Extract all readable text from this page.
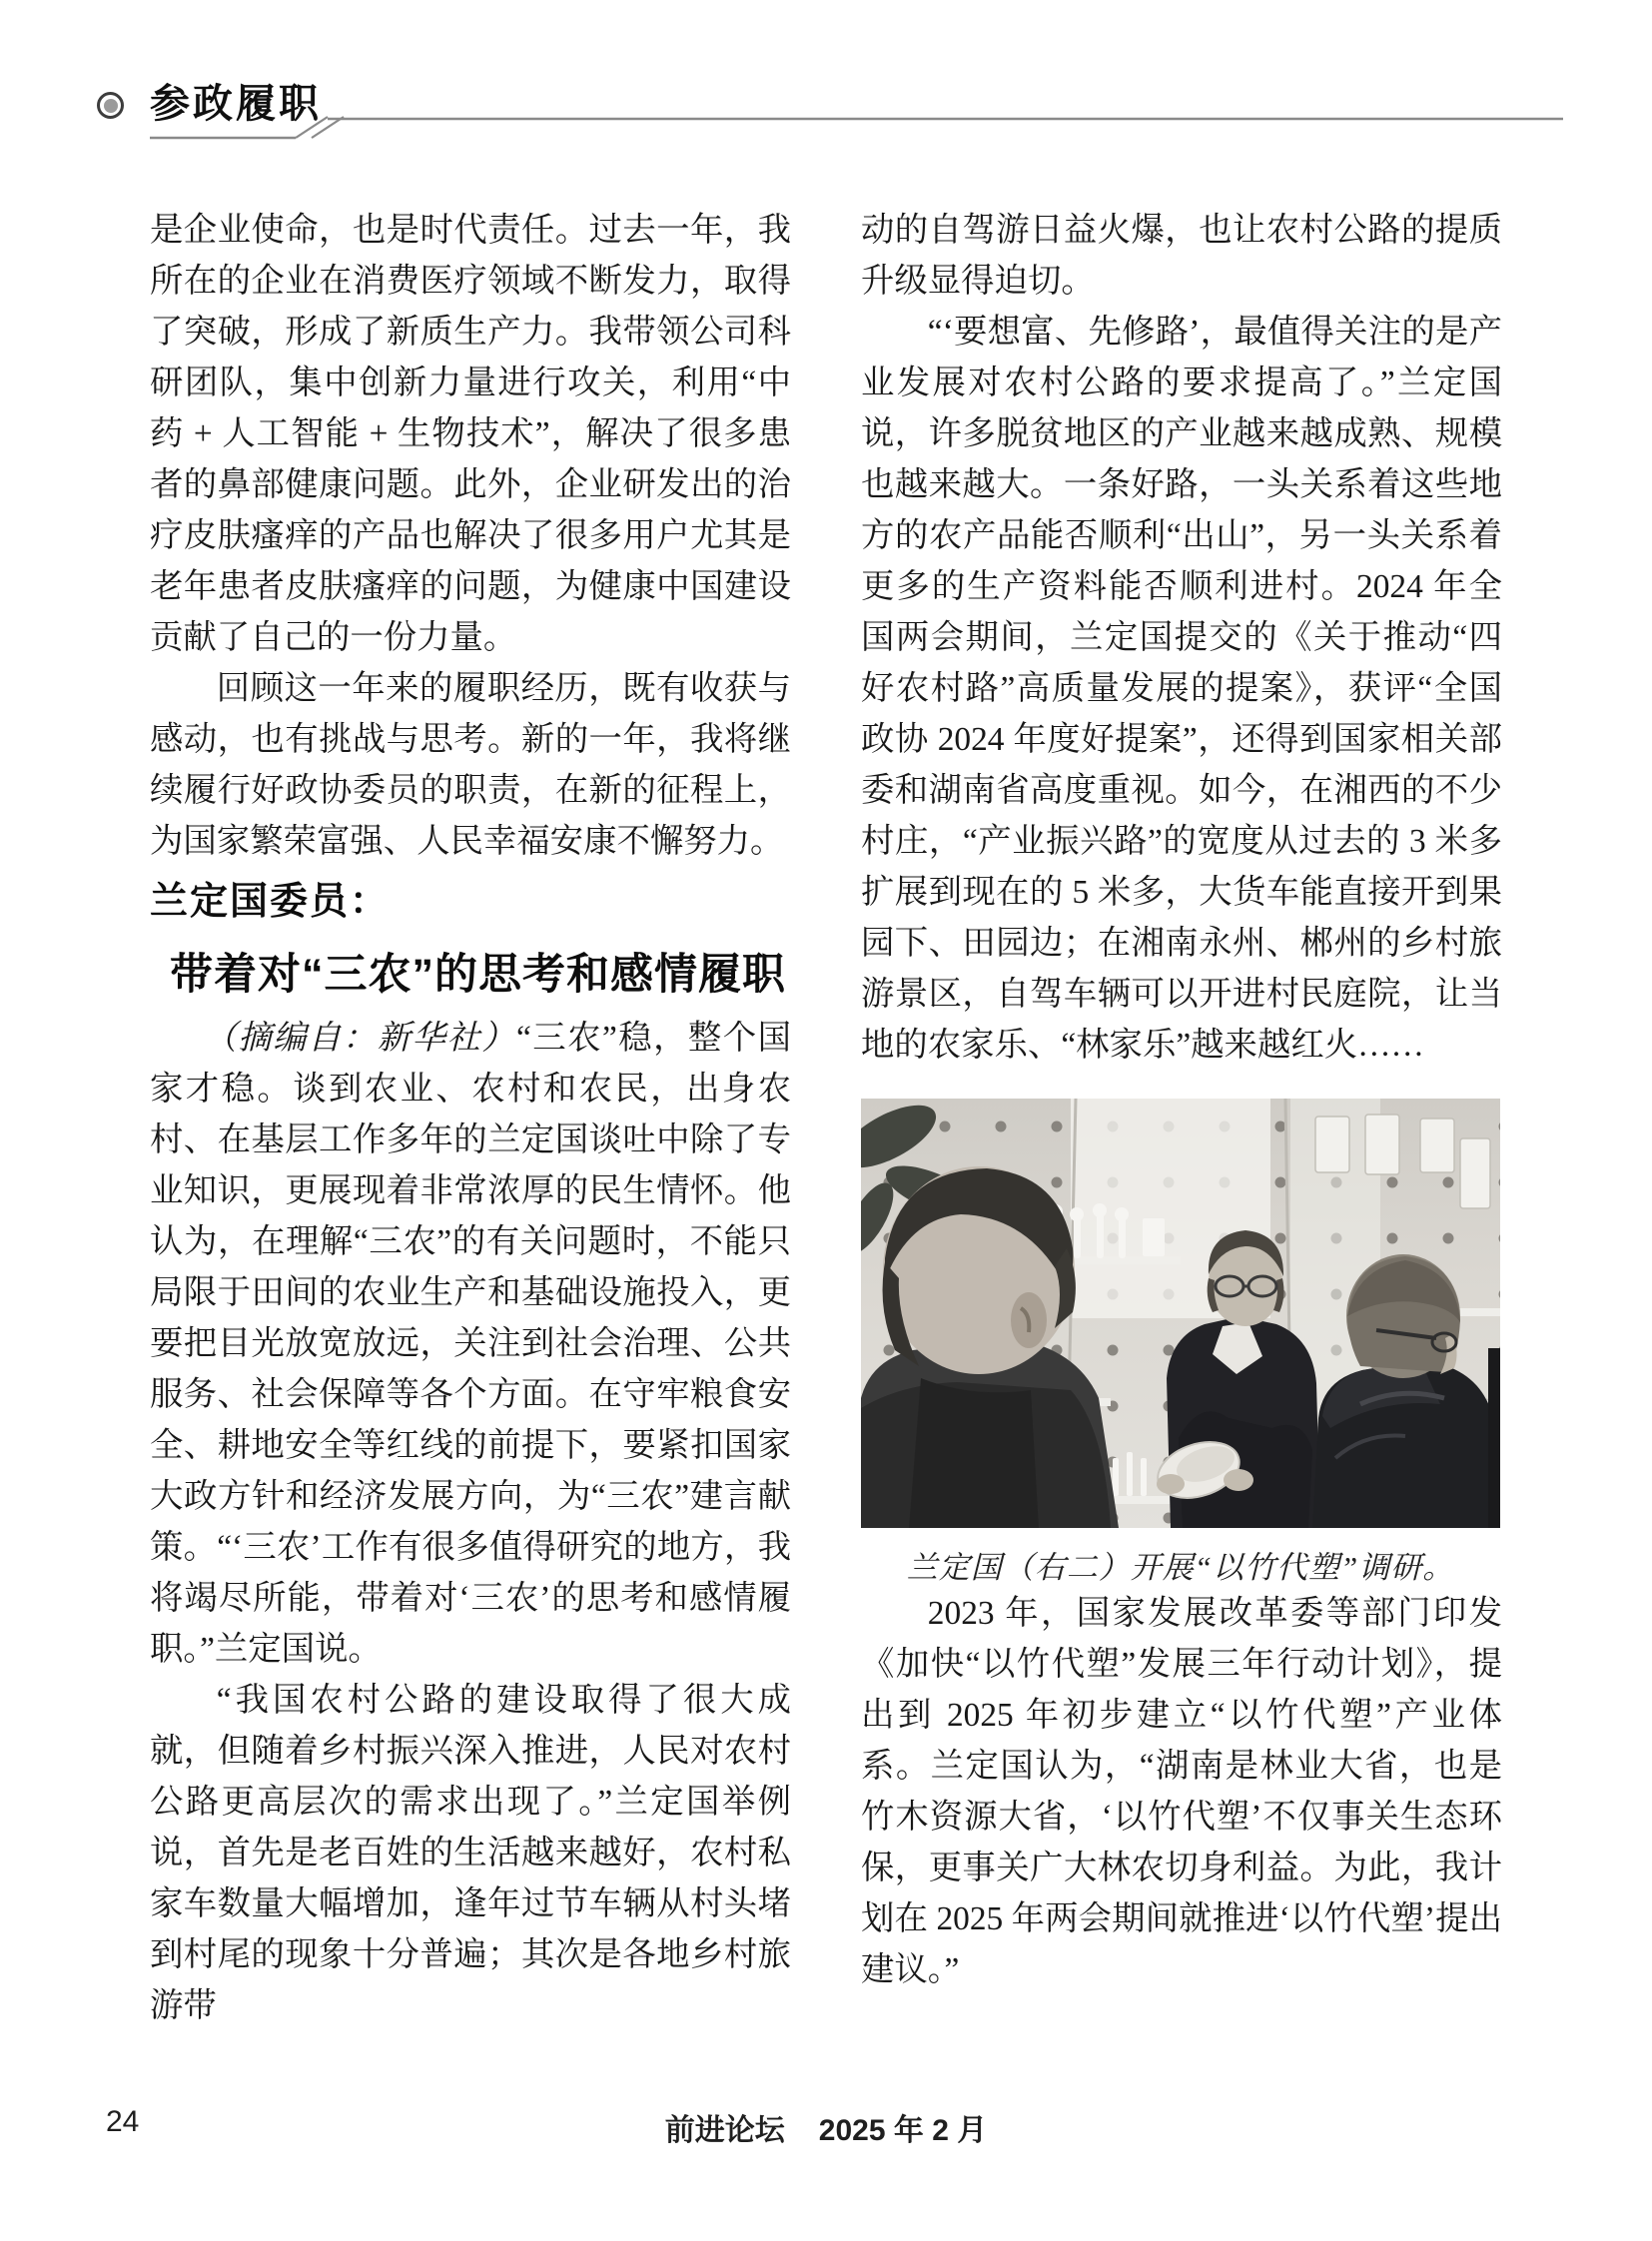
参政履职

是企业使命，也是时代责任。过去一年，我所在的企业在消费医疗领域不断发力，取得了突破，形成了新质生产力。我带领公司科研团队，集中创新力量进行攻关，利用“中药 + 人工智能 + 生物技术”，解决了很多患者的鼻部健康问题。此外，企业研发出的治疗皮肤瘙痒的产品也解决了很多用户尤其是老年患者皮肤瘙痒的问题，为健康中国建设贡献了自己的一份力量。

回顾这一年来的履职经历，既有收获与感动，也有挑战与思考。新的一年，我将继续履行好政协委员的职责，在新的征程上，为国家繁荣富强、人民幸福安康不懈努力。

兰定国委员：

带着对“三农”的思考和感情履职

（摘编自：新华社）“三农”稳，整个国家才稳。谈到农业、农村和农民，出身农村、在基层工作多年的兰定国谈吐中除了专业知识，更展现着非常浓厚的民生情怀。他认为，在理解“三农”的有关问题时，不能只局限于田间的农业生产和基础设施投入，更要把目光放宽放远，关注到社会治理、公共服务、社会保障等各个方面。在守牢粮食安全、耕地安全等红线的前提下，要紧扣国家大政方针和经济发展方向，为“三农”建言献策。“‘三农’工作有很多值得研究的地方，我将竭尽所能，带着对‘三农’的思考和感情履职。”兰定国说。

“我国农村公路的建设取得了很大成就，但随着乡村振兴深入推进，人民对农村公路更高层次的需求出现了。”兰定国举例说，首先是老百姓的生活越来越好，农村私家车数量大幅增加，逢年过节车辆从村头堵到村尾的现象十分普遍；其次是各地乡村旅游带

动的自驾游日益火爆，也让农村公路的提质升级显得迫切。

“‘要想富、先修路’，最值得关注的是产业发展对农村公路的要求提高了。”兰定国说，许多脱贫地区的产业越来越成熟、规模也越来越大。一条好路，一头关系着这些地方的农产品能否顺利“出山”，另一头关系着更多的生产资料能否顺利进村。2024 年全国两会期间，兰定国提交的《关于推动“四好农村路”高质量发展的提案》，获评“全国政协 2024 年度好提案”，还得到国家相关部委和湖南省高度重视。如今，在湘西的不少村庄，“产业振兴路”的宽度从过去的 3 米多扩展到现在的 5 米多，大货车能直接开到果园下、田园边；在湘南永州、郴州的乡村旅游景区，自驾车辆可以开进村民庭院，让当地的农家乐、“林家乐”越来越红火……

兰定国（右二）开展“以竹代塑”调研。

2023 年，国家发展改革委等部门印发《加快“以竹代塑”发展三年行动计划》，提出到 2025 年初步建立“以竹代塑”产业体系。兰定国认为，“湖南是林业大省，也是竹木资源大省，‘以竹代塑’不仅事关生态环保，更事关广大林农切身利益。为此，我计划在 2025 年两会期间就推进‘以竹代塑’提出建议。”

24	前进论坛 2025 年 2 月
